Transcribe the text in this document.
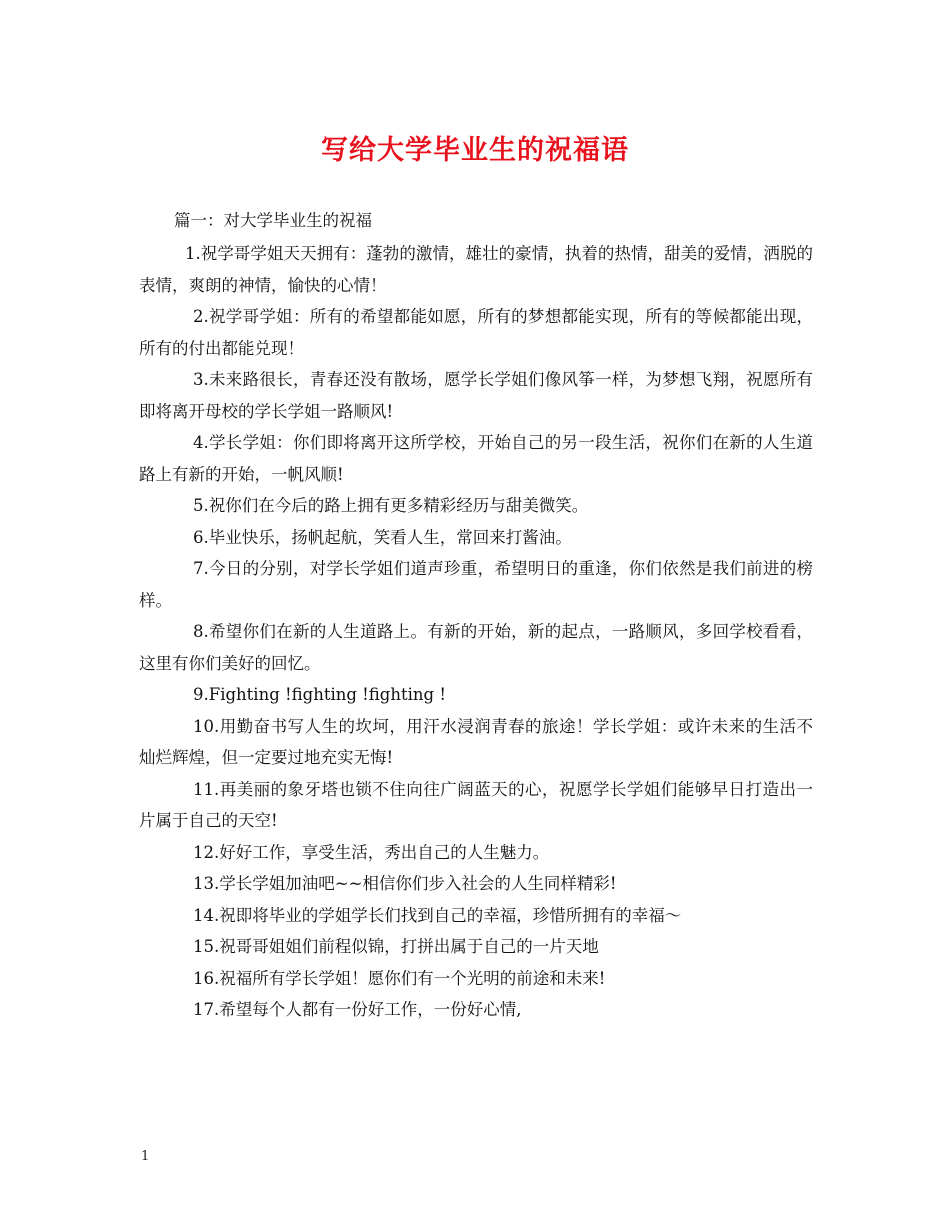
写给大学毕业生的祝福语
篇一：对大学毕业生的祝福

1.祝学哥学姐天天拥有：蓬勃的激情，雄壮的豪情，执着的热情，甜美的爱情，洒脱的表情，爽朗的神情，愉快的心情！

2.祝学哥学姐：所有的希望都能如愿，所有的梦想都能实现，所有的等候都能出现，所有的付出都能兑现！

3.未来路很长，青春还没有散场，愿学长学姐们像风筝一样，为梦想飞翔，祝愿所有即将离开母校的学长学姐一路顺风!

4.学长学姐：你们即将离开这所学校，开始自己的另一段生活，祝你们在新的人生道路上有新的开始，一帆风顺!

5.祝你们在今后的路上拥有更多精彩经历与甜美微笑。

6.毕业快乐，扬帆起航，笑看人生，常回来打酱油。

7.今日的分别，对学长学姐们道声珍重，希望明日的重逢，你们依然是我们前进的榜样。

8.希望你们在新的人生道路上。有新的开始，新的起点，一路顺风，多回学校看看，这里有你们美好的回忆。

9.Fighting !fighting !fighting !

10.用勤奋书写人生的坎坷，用汗水浸润青春的旅途！学长学姐：或许未来的生活不灿烂辉煌，但一定要过地充实无悔!

11.再美丽的象牙塔也锁不住向往广阔蓝天的心，祝愿学长学姐们能够早日打造出一片属于自己的天空!

12.好好工作，享受生活，秀出自己的人生魅力。

13.学长学姐加油吧~~相信你们步入社会的人生同样精彩!

14.祝即将毕业的学姐学长们找到自己的幸福，珍惜所拥有的幸福～

15.祝哥哥姐姐们前程似锦，打拼出属于自己的一片天地

16.祝福所有学长学姐！愿你们有一个光明的前途和未来!

17.希望每个人都有一份好工作，一份好心情,

1
